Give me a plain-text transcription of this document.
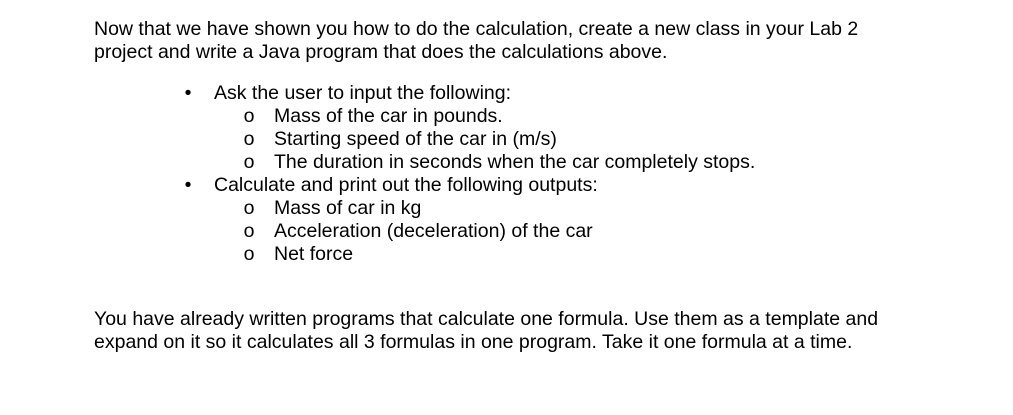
Now that we have shown you how to do the calculation, create a new class in your Lab 2
project and write a Java program that does the calculations above.

• Ask the user to input the following:
o Mass of the car in pounds.
o Starting speed of the car in (m/s)
o The duration in seconds when the car completely stops.
• Calculate and print out the following outputs:
o Mass of car in kg
o Acceleration (deceleration) of the car
o Net force

You have already written programs that calculate one formula. Use them as a template and
expand on it so it calculates all 3 formulas in one program. Take it one formula at a time.
